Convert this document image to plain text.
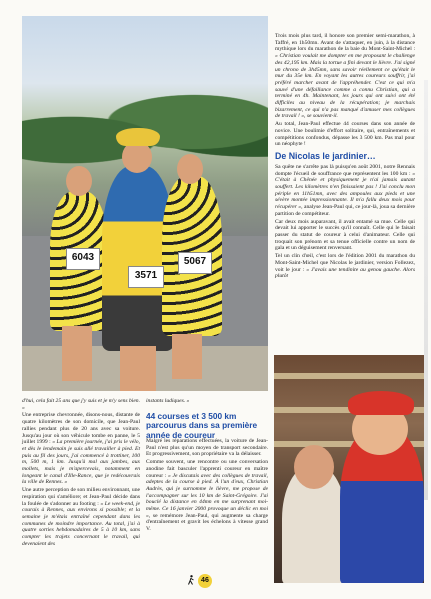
6043
3571
5067

Trois mois plus tard, il honore son premier semi-marathon, à Taffré, en 1h50mn. Avant de s'attaquer, en juin, à la distance mythique lors du marathon de la baie du Mont-Saint-Michel : « Christian voulait me dompter en me proposant le challenge des 42,195 km. Mais la tortue a fini devant le lièvre. J'ai signé un chrono de 3h45mn, sans savoir réellement ce qu'était le mur du 35e km. En voyant les autres coureurs souffrir, j'ai préféré marcher avant de l'appréhender. C'est ce qui m'a sauvé d'une défaillance comme a connu Christian, qui a terminé en 4h. Maintenant, les jours qui ont suivi ont été difficiles au niveau de la récupération; je marchais bizarrement, ce qui n'a pas manqué d'amuser mes collègues de travail ! », se souvient-il.

Au total, Jean-Paul effectue 44 courses dans son année de novice. Une boulimie d'effort solitaire, qui, entraînements et compétitions confondus, dépasse les 3 500 km. Pas mal pour un néophyte !

De Nicolas le jardinier…

Sa quête ne s'arrête pas là puisqu'en août 2001, notre Rennais dompte l'écueil de souffrance que représentent les 100 km : « C'était à Chênée et physiquement je n'ai jamais autant souffert. Les kilomètres n'en finissaient pas ! J'ai conclu mon périple en 11h51mn, avec des ampoules aux pieds et une sévère montée impressionnante. Il m'a fallu deux mois pour récupérer », analyse Jean-Paul qui, ce jour-là, joua sa dernière partition de compétiteur.

Car deux mois auparavant, il avait entamé sa mue. Celle qui devait lui apporter le succès qu'il connaît. Celle qui le faisait passer du statut de coureur à celui d'animateur. Celle qui troquait son prénom et sa tenue officielle contre un nom de gala et un déguisement renversant.

Tel un clin d'œil, c'est lors de l'édition 2001 du marathon du Mont-Saint-Michel que Nicolas le jardinier, version Follezez, voit le jour : « J'avais une tendinite au genou gauche. Alors plutôt

d'hui, cela fait 25 ans que j'y suis et je m'y sens bien. »

Une entreprise chevronnée, disons-nous, distante de quatre kilomètres de son domicile, que Jean-Paul rallies pendant plus de 20 ans avec sa voiture. Jusqu'au jour où son véhicule tombe en panne, le 5 juillet 1999 : « La première journée, j'ai pris le vélo, et dès le lendemain je suis allé travailler à pied. Et puis au fil des jours, j'ai commencé à trottiner, 100 m, 500 m, 1 km. Jusqu'à mal aux jambes, aux mollets, mais je m'apercevais, notamment en longeant le canal d'Ille-Rance, que je redécouvrais la ville de Rennes. »

Une autre perception de son milieu environnant, une respiration qui s'améliore; et Jean-Paul décide dans la foulée de s'adonner au footing : « Le week-end, je courais à Rennes, aux environs si possible; et la semaine je m'étais entraîné cependant dans les communes de moindre importance. Au total, j'ai à quatre sorties hebdomadaires de 5 à 10 km, sans compter les trajets concernant le travail, qui devenaient des

instants ludiques. »

44 courses et 3 500 km parcourus dans sa première année de coureur

Malgré les réparations effectuées, la voiture de Jean-Paul n'est plus qu'un moyen de transport secondaire. Et progressivement, son propriétaire va la délaisser.

Comme souvent, une rencontre ou une conversation anodine fait basculer l'apprenti coureur en maître coureur : « Je discutais avec des collègues de travail, adeptes de la course à pied. À l'un d'eux, Christian Audrès, qui je surnomme le lièvre, me propose de l'accompagner sur les 10 km de Saint-Grégoire. J'ai bouclé la distance en 44mn en me surprenant moi-même. Ce 16 janvier 2000 provoque un déclic en moi », se remémore Jean-Paul, qui augmente sa charge d'entraînement et gravit les échelons à vitesse grand V.

46
